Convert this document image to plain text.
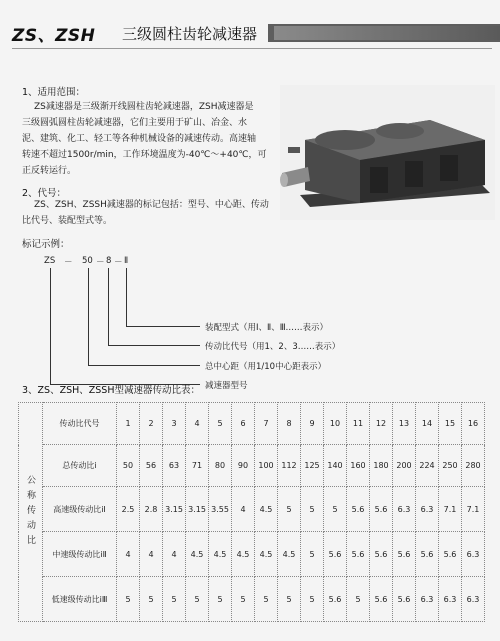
ZS、ZSH 三级圆柱齿轮减速器
1、适用范围：
ZS减速器是三级渐开线圆柱齿轮减速器，ZSH减速器是
三级圆弧圆柱齿轮减速器，它们主要用于矿山、冶金、水
泥、建筑、化工、轻工等各种机械设备的减速传动。高速轴
转速不超过1500r/min，工作环境温度为-40℃～+40℃，可
正反转运行。
2、代号：
ZS、ZSH、ZSSH减速器的标记包括：型号、中心距、传动
比代号、装配型式等。
标记示例：
ZS － 50 － 8 － Ⅱ
装配型式（用Ⅰ、Ⅱ、Ⅲ……表示）
传动比代号（用1、2、3……表示）
总中心距（用1/10中心距表示）
减速器型号
3、ZS、ZSH、ZSSH型减速器传动比表：
公称传动比	传动比代号	1	2	3	4	5	6	7	8	9	10	11	12	13	14	15	16
	总传动比i	50	56	63	71	80	90	100	112	125	140	160	180	200	224	250	280
	高速级传动比iⅠ	2.5	2.8	3.15	3.15	3.55	4	4.5	5	5	5	5.6	5.6	6.3	6.3	7.1	7.1
	中速级传动比iⅡ	4	4	4	4.5	4.5	4.5	4.5	4.5	5	5.6	5.6	5.6	5.6	5.6	5.6	6.3
	低速级传动比iⅢ	5	5	5	5	5	5	5	5	5	5.6	5	5.6	5.6	6.3	6.3	6.3
